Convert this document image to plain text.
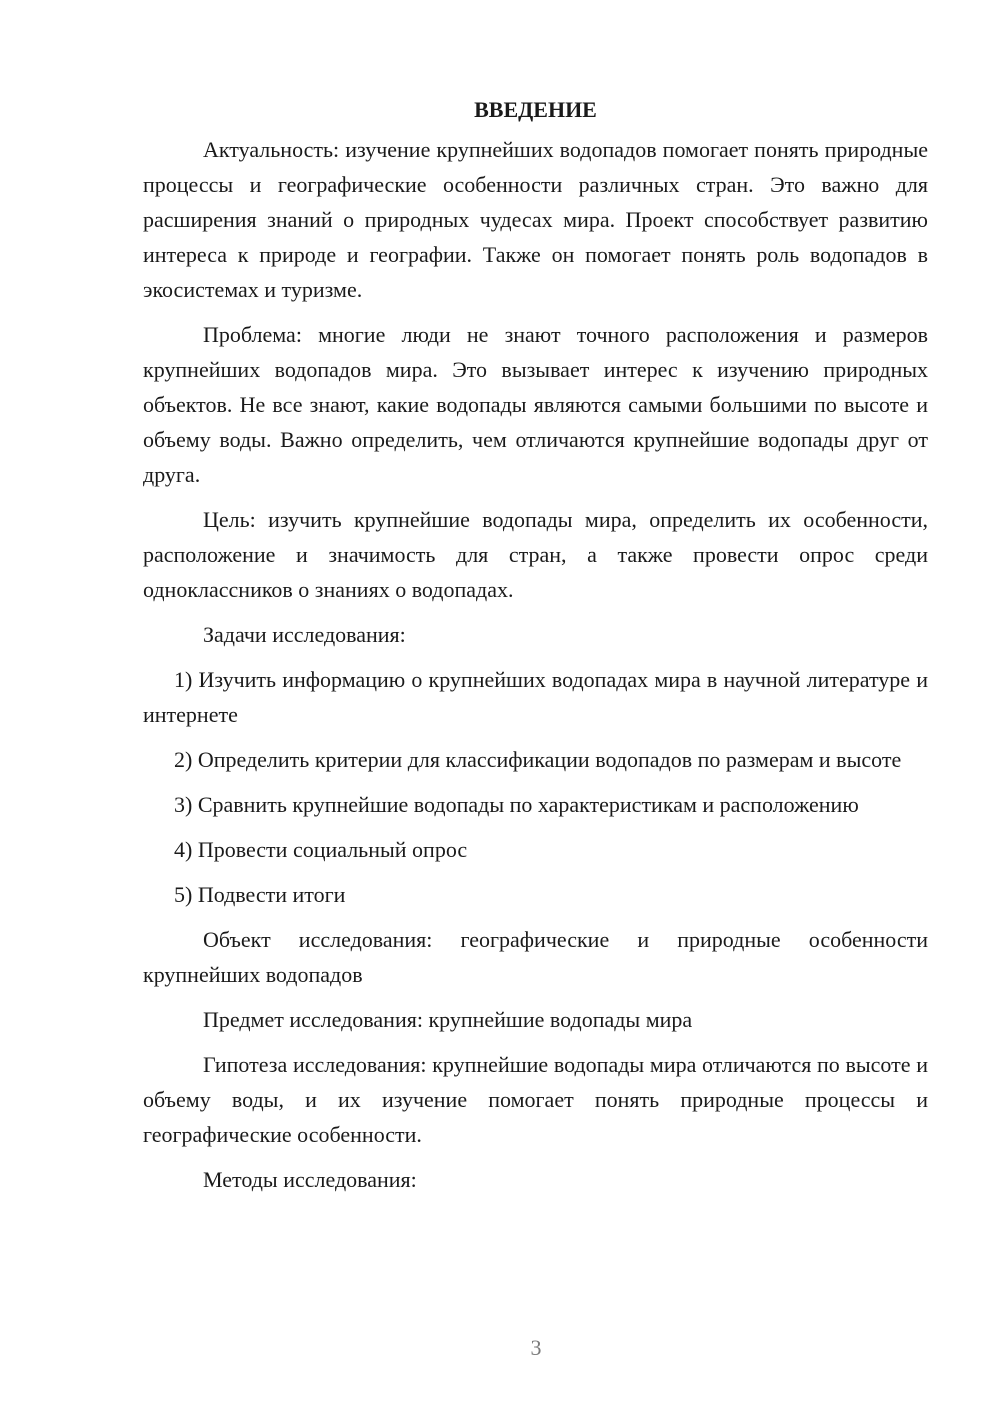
ВВЕДЕНИЕ

Актуальность: изучение крупнейших водопадов помогает понять природные процессы и географические особенности различных стран. Это важно для расширения знаний о природных чудесах мира. Проект способствует развитию интереса к природе и географии. Также он помогает понять роль водопадов в экосистемах и туризме.

Проблема: многие люди не знают точного расположения и размеров крупнейших водопадов мира. Это вызывает интерес к изучению природных объектов. Не все знают, какие водопады являются самыми большими по высоте и объему воды. Важно определить, чем отличаются крупнейшие водопады друг от друга.

Цель: изучить крупнейшие водопады мира, определить их особенности, расположение и значимость для стран, а также провести опрос среди одноклассников о знаниях о водопадах.

Задачи исследования:

1) Изучить информацию о крупнейших водопадах мира в научной литературе и интернете

2) Определить критерии для классификации водопадов по размерам и высоте

3) Сравнить крупнейшие водопады по характеристикам и расположению

4) Провести социальный опрос

5) Подвести итоги

Объект исследования: географические и природные особенности крупнейших водопадов

Предмет исследования: крупнейшие водопады мира

Гипотеза исследования: крупнейшие водопады мира отличаются по высоте и объему воды, и их изучение помогает понять природные процессы и географические особенности.

Методы исследования:

3
